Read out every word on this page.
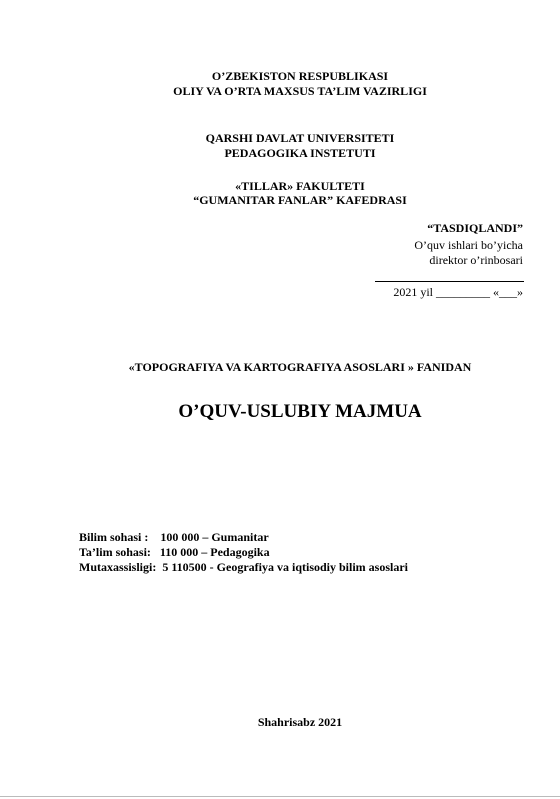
O’ZBEKISTON RESPUBLIKASI
OLIY VA O’RTA MAXSUS TA’LIM VAZIRLIGI
QARSHI DAVLAT UNIVERSITETI
PEDAGOGIKA INSTETUTI
«TILLAR» FAKULTETI
“GUMANITAR FANLAR” KAFEDRASI
“TASDIQLANDI”
O’quv ishlari bo’yicha
direktor o’rinbosari
2021 yil _________ «___»
«TOPOGRAFIYA VA KARTOGRAFIYA ASOSLARI » FANIDAN
O’QUV-USLUBIY MAJMUA
Bilim sohasi :    100 000 – Gumanitar
Ta’lim sohasi:   110 000 – Pedagogika
Mutaxassisligi:  5 110500 - Geografiya va iqtisodiy bilim asoslari
Shahrisabz 2021
